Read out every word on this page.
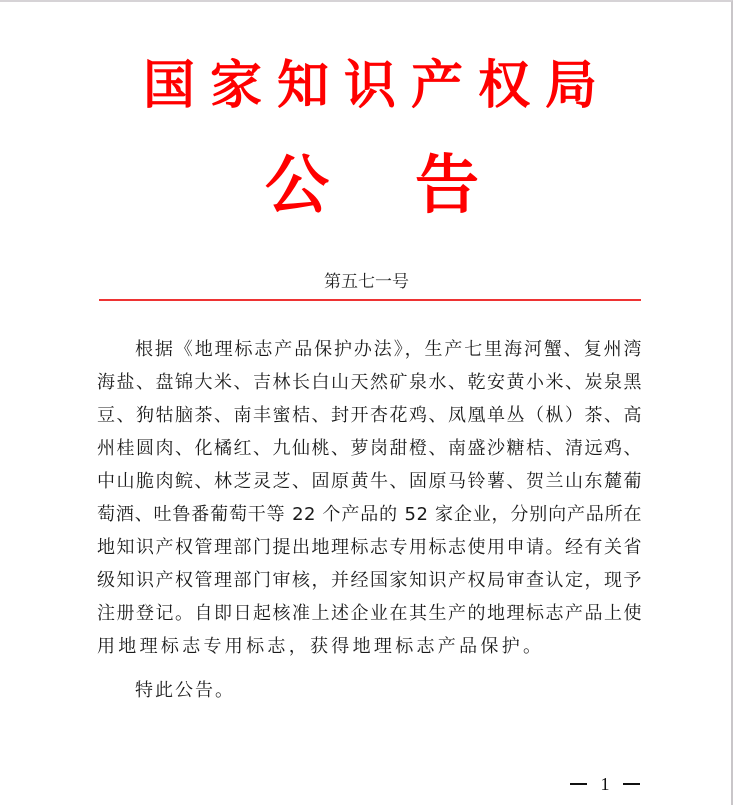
国 家 知 识 产 权 局
公 告
第五七一号
根据《地理标志产品保护办法》，生产七里海河蟹、复州湾
海盐、盘锦大米、吉林长白山天然矿泉水、乾安黄小米、炭泉黑
豆、狗牯脑茶、南丰蜜桔、封开杏花鸡、凤凰单丛（枞）茶、高
州桂圆肉、化橘红、九仙桃、萝岗甜橙、南盛沙糖桔、清远鸡、
中山脆肉鲩、林芝灵芝、固原黄牛、固原马铃薯、贺兰山东麓葡
萄酒、吐鲁番葡萄干等 22 个产品的 52 家企业，分别向产品所在
地知识产权管理部门提出地理标志专用标志使用申请。经有关省
级知识产权管理部门审核，并经国家知识产权局审查认定，现予
注册登记。自即日起核准上述企业在其生产的地理标志产品上使
用地理标志专用标志，获得地理标志产品保护。
特此公告。
1
